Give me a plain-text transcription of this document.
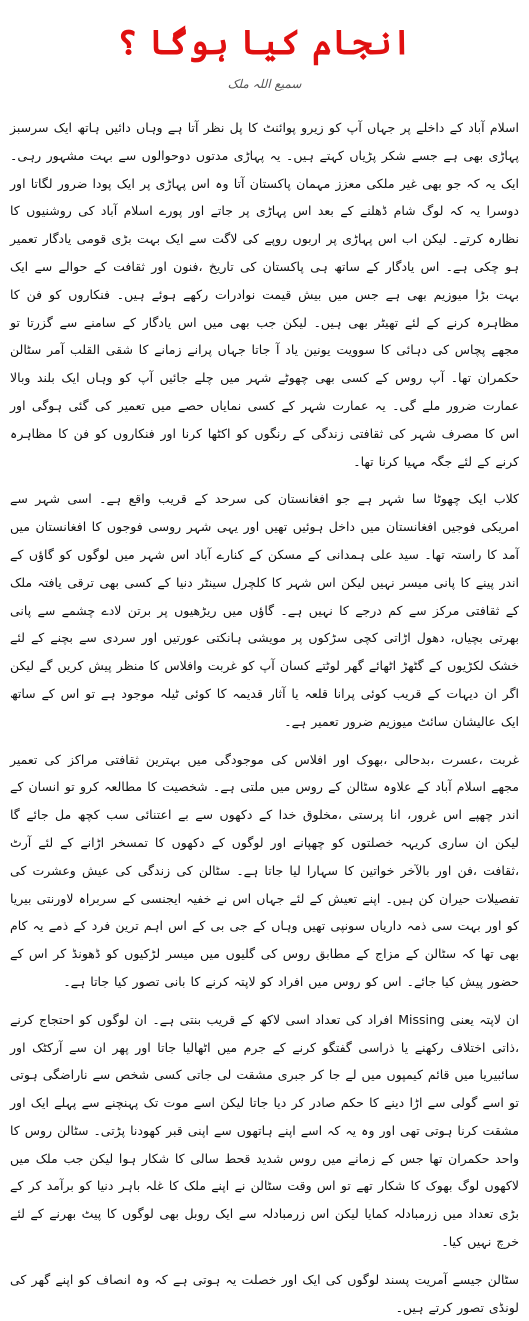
انجام کیا ہوگا ؟
سمیع اللہ ملک

اسلام آباد کے داخلے پر جہاں آپ کو زیرو پوائنٹ کا پل نظر آتا ہے وہاں دائیں ہاتھ ایک سرسبز پہاڑی بھی ہے جسے شکر پڑیاں کہتے ہیں۔ یہ پہاڑی مدتوں دوحوالوں سے بہت مشہور رہی۔ ایک یہ کہ جو بھی غیر ملکی معزز مہمان پاکستان آتا وہ اس پہاڑی پر ایک پودا ضرور لگاتا اور دوسرا یہ کہ لوگ شام ڈھلنے کے بعد اس پہاڑی پر جاتے اور پورے اسلام آباد کی روشنیوں کا نظارہ کرتے۔ لیکن اب اس پہاڑی پر اربوں روپے کی لاگت سے ایک بہت بڑی قومی یادگار تعمیر ہو چکی ہے۔ اس یادگار کے ساتھ ہی پاکستان کی تاریخ ،فنون اور ثقافت کے حوالے سے ایک بہت بڑا میوزیم بھی ہے جس میں بیش قیمت نوادرات رکھے ہوئے ہیں۔ فنکاروں کو فن کا مظاہرہ کرنے کے لئے تھیٹر بھی ہیں۔ لیکن جب بھی میں اس یادگار کے سامنے سے گزرتا تو مجھے پچاس کی دہائی کا سوویت یونین یاد آ جاتا جہاں پرانے زمانے کا شقی القلب آمر سٹالن حکمران تھا۔ آپ روس کے کسی بھی چھوٹے شہر میں چلے جائیں آپ کو وہاں ایک بلند وبالا عمارت ضرور ملے گی۔ یہ عمارت شہر کے کسی نمایاں حصے میں تعمیر کی گئی ہوگی اور اس کا مصرف شہر کی ثقافتی زندگی کے رنگوں کو اکٹھا کرنا اور فنکاروں کو فن کا مظاہرہ کرنے کے لئے جگہ مہیا کرنا تھا۔

کلاب ایک چھوٹا سا شہر ہے جو افغانستان کی سرحد کے قریب واقع ہے۔ اسی شہر سے امریکی فوجیں افغانستان میں داخل ہوئیں تھیں اور یہی شہر روسی فوجوں کا افغانستان میں آمد کا راستہ تھا۔ سید علی ہمدانی کے مسکن کے کنارے آباد اس شہر میں لوگوں کو گاؤں کے اندر پینے کا پانی میسر نہیں لیکن اس شہر کا کلچرل سینٹر دنیا کے کسی بھی ترقی یافتہ ملک کے ثقافتی مرکز سے کم درجے کا نہیں ہے۔ گاؤں میں ریڑھیوں پر برتن لادے چشمے سے پانی بھرتی بچیاں، دھول اڑاتی کچی سڑکوں پر مویشی ہانکتی عورتیں اور سردی سے بچنے کے لئے خشک لکڑیوں کے گٹھڑ اٹھائے گھر لوٹتے کسان آپ کو غربت وافلاس کا منظر پیش کریں گے لیکن اگر ان دیہات کے قریب کوئی پرانا قلعہ یا آثار قدیمہ کا کوئی ٹیلہ موجود ہے تو اس کے ساتھ ایک عالیشان سائٹ میوزیم ضرور تعمیر ہے۔

غربت ،عسرت ،بدحالی ،بھوک اور افلاس کی موجودگی میں بہترین ثقافتی مراکز کی تعمیر مجھے اسلام آباد کے علاوہ سٹالن کے روس میں ملتی ہے۔ شخصیت کا مطالعہ کرو تو انسان کے اندر چھپے اس غرور، انا پرستی ،مخلوق خدا کے دکھوں سے بے اعتنائی سب کچھ مل جائے گا لیکن ان ساری کریہہ خصلتوں کو چھپانے اور لوگوں کے دکھوں کا تمسخر اڑانے کے لئے آرٹ ،ثقافت ،فن اور بالآخر خواتین کا سہارا لیا جاتا ہے۔ سٹالن کی زندگی کی عیش وعشرت کی تفصیلات حیران کن ہیں۔ اپنے تعیش کے لئے جہاں اس نے خفیہ ایجنسی کے سربراہ لاورنتی بیریا کو اور بہت سی ذمہ داریاں سونپی تھیں وہاں کے جی بی کے اس اہم ترین فرد کے ذمے یہ کام بھی تھا کہ سٹالن کے مزاج کے مطابق روس کی گلیوں میں میسر لڑکیوں کو ڈھونڈ کر اس کے حضور پیش کیا جائے۔ اس کو روس میں افراد کو لاپتہ کرنے کا بانی تصور کیا جاتا ہے۔

ان لاپتہ یعنی Missing افراد کی تعداد اسی لاکھ کے قریب بنتی ہے۔ ان لوگوں کو احتجاج کرنے ،ذاتی اختلاف رکھنے یا ذراسی گفتگو کرنے کے جرم میں اٹھالیا جاتا اور پھر ان سے آرکٹک اور سائبیریا میں قائم کیمپوں میں لے جا کر جبری مشقت لی جاتی کسی شخص سے ناراضگی ہوتی تو اسے گولی سے اڑا دینے کا حکم صادر کر دیا جاتا لیکن اسے موت تک پہنچنے سے پہلے ایک اور مشقت کرنا ہوتی تھی اور وہ یہ کہ اسے اپنے ہاتھوں سے اپنی قبر کھودنا پڑتی۔ سٹالن روس کا واحد حکمران تھا جس کے زمانے میں روس شدید قحط سالی کا شکار ہوا لیکن جب ملک میں لاکھوں لوگ بھوک کا شکار تھے تو اس وقت سٹالن نے اپنے ملک کا غلہ باہر دنیا کو برآمد کر کے بڑی تعداد میں زرمبادلہ کمایا لیکن اس زرمبادلہ سے ایک روبل بھی لوگوں کا پیٹ بھرنے کے لئے خرچ نہیں کیا۔

سٹالن جیسے آمریت پسند لوگوں کی ایک اور خصلت یہ ہوتی ہے کہ وہ انصاف کو اپنے گھر کی لونڈی تصور کرتے ہیں۔
